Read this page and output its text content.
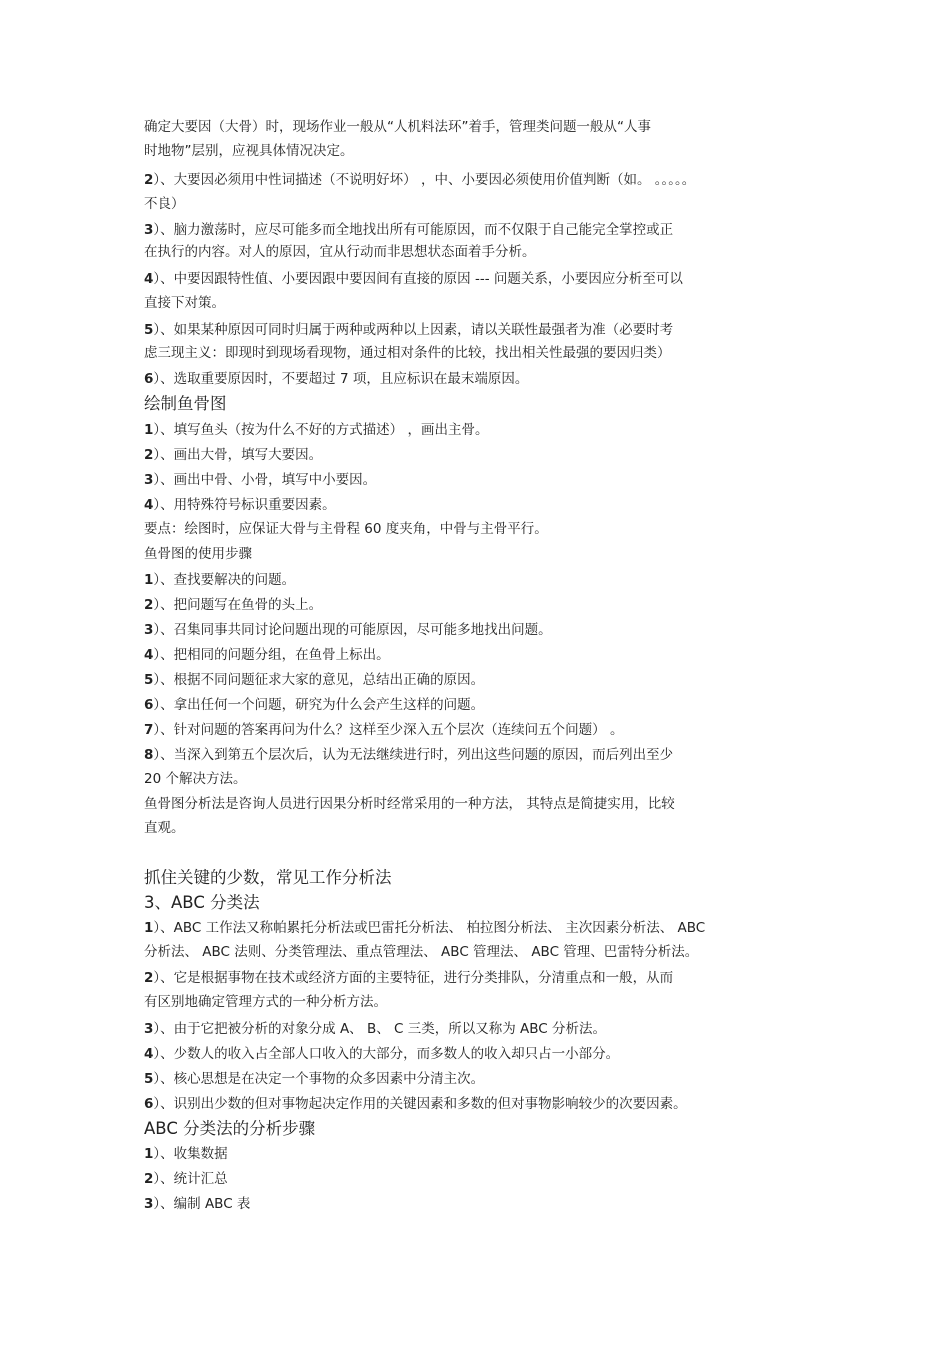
确定大要因（大骨）时，现场作业一般从“人机料法环”着手，管理类问题一般从“人事
时地物”层别，应视具体情况决定。
2）、大要因必须用中性词描述（不说明好坏） ，中、小要因必须使用价值判断（如。 。。。。。
不良）
3）、脑力激荡时，应尽可能多而全地找出所有可能原因，而不仅限于自己能完全掌控或正
在执行的内容。对人的原因，宜从行动而非思想状态面着手分析。
4）、中要因跟特性值、小要因跟中要因间有直接的原因 --- 问题关系，小要因应分析至可以
直接下对策。
5）、如果某种原因可同时归属于两种或两种以上因素，请以关联性最强者为准（必要时考
虑三现主义：即现时到现场看现物，通过相对条件的比较，找出相关性最强的要因归类）
6）、选取重要原因时，不要超过 7 项，且应标识在最末端原因。
绘制鱼骨图
1）、填写鱼头（按为什么不好的方式描述） ，画出主骨。
2）、画出大骨，填写大要因。
3）、画出中骨、小骨，填写中小要因。
4）、用特殊符号标识重要因素。
要点：绘图时，应保证大骨与主骨程 60 度夹角，中骨与主骨平行。
鱼骨图的使用步骤
1）、查找要解决的问题。
2）、把问题写在鱼骨的头上。
3）、召集同事共同讨论问题出现的可能原因，尽可能多地找出问题。
4）、把相同的问题分组，在鱼骨上标出。
5）、根据不同问题征求大家的意见，总结出正确的原因。
6）、拿出任何一个问题，研究为什么会产生这样的问题。
7）、针对问题的答案再问为什么？这样至少深入五个层次（连续问五个问题） 。
8）、当深入到第五个层次后，认为无法继续进行时，列出这些问题的原因，而后列出至少
20 个解决方法。
鱼骨图分析法是咨询人员进行因果分析时经常采用的一种方法， 其特点是简捷实用，比较
直观。
抓住关键的少数，常见工作分析法
3、ABC 分类法
1）、ABC 工作法又称帕累托分析法或巴雷托分析法、 柏拉图分析法、 主次因素分析法、 ABC
分析法、 ABC 法则、分类管理法、重点管理法、 ABC 管理法、 ABC 管理、巴雷特分析法。
2）、它是根据事物在技术或经济方面的主要特征，进行分类排队，分清重点和一般，从而
有区别地确定管理方式的一种分析方法。
3）、由于它把被分析的对象分成 A、 B、 C 三类，所以又称为 ABC 分析法。
4）、少数人的收入占全部人口收入的大部分，而多数人的收入却只占一小部分。
5）、核心思想是在决定一个事物的众多因素中分清主次。
6）、识别出少数的但对事物起决定作用的关键因素和多数的但对事物影响较少的次要因素。
ABC 分类法的分析步骤
1）、收集数据
2）、统计汇总
3）、编制 ABC 表
